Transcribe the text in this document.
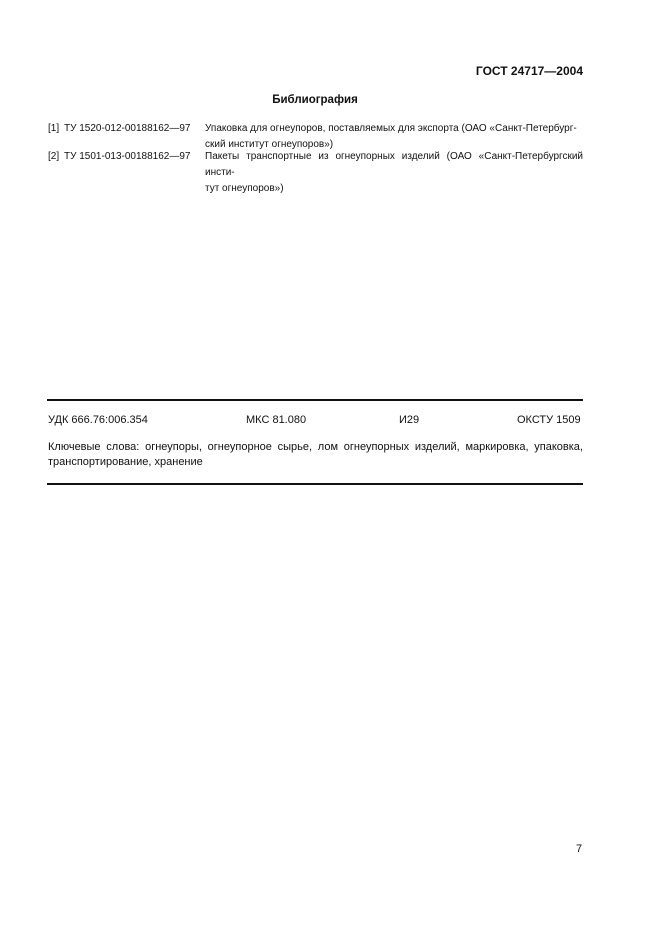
ГОСТ 24717—2004
Библиография
[1] ТУ 1520-012-00188162—97 Упаковка для огнеупоров, поставляемых для экспорта (ОАО «Санкт-Петербург-
ский институт огнеупоров»)
[2] ТУ 1501-013-00188162—97 Пакеты транспортные из огнеупорных изделий (ОАО «Санкт-Петербургский инсти-
тут огнеупоров»)
УДК 666.76:006.354	МКС 81.080	И29	ОКСТУ 1509
Ключевые слова: огнеупоры, огнеупорное сырье, лом огнеупорных изделий, маркировка, упаковка, транспортирование, хранение
7
